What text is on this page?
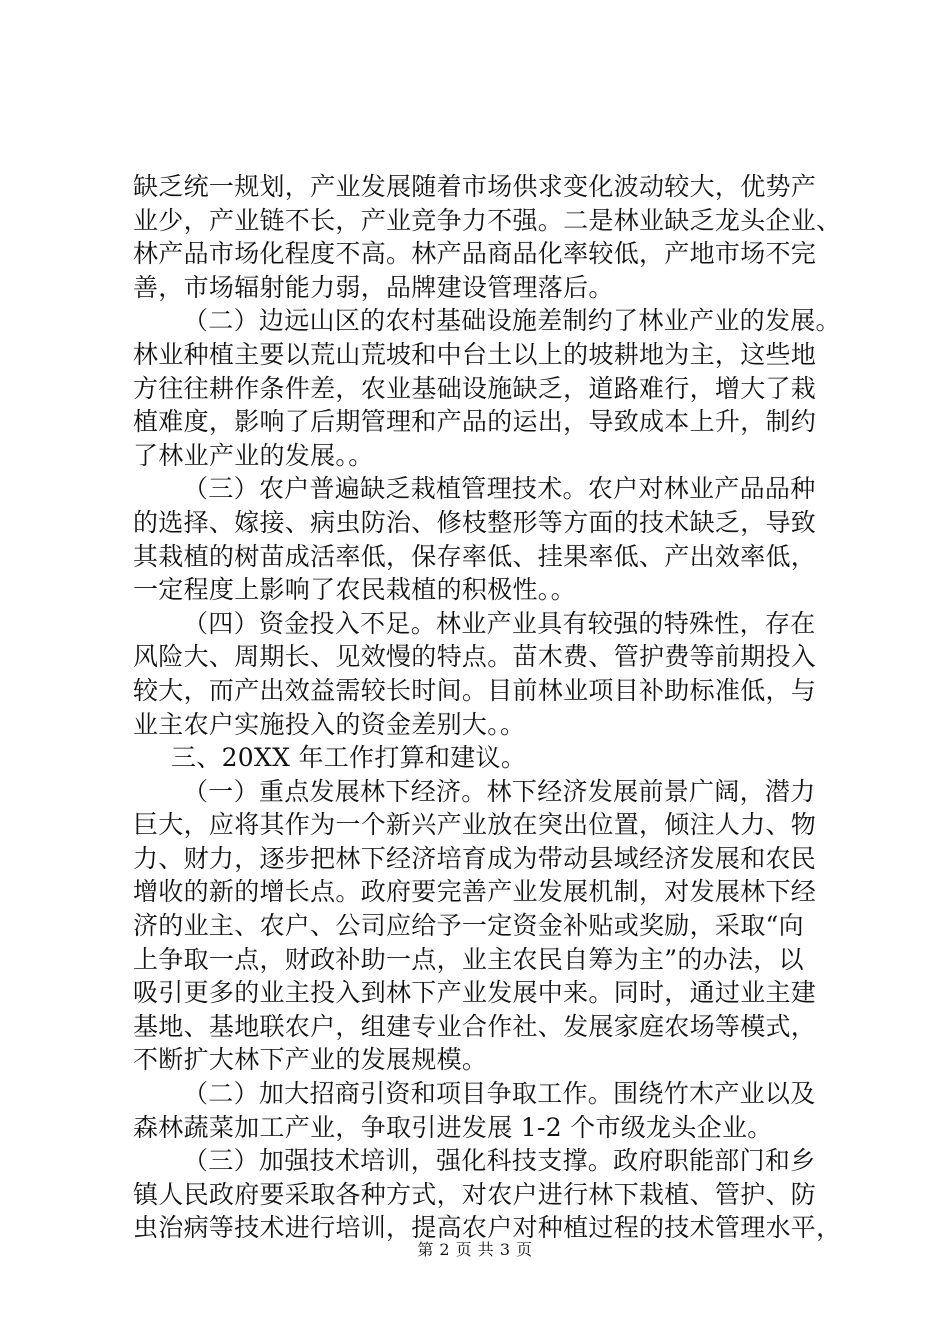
缺乏统一规划，产业发展随着市场供求变化波动较大，优势产
业少，产业链不长，产业竞争力不强。二是林业缺乏龙头企业、
林产品市场化程度不高。林产品商品化率较低，产地市场不完
善，市场辐射能力弱，品牌建设管理落后。
（二）边远山区的农村基础设施差制约了林业产业的发展。
林业种植主要以荒山荒坡和中台土以上的坡耕地为主，这些地
方往往耕作条件差，农业基础设施缺乏，道路难行，增大了栽
植难度，影响了后期管理和产品的运出，导致成本上升，制约
了林业产业的发展。。
（三）农户普遍缺乏栽植管理技术。农户对林业产品品种
的选择、嫁接、病虫防治、修枝整形等方面的技术缺乏，导致
其栽植的树苗成活率低，保存率低、挂果率低、产出效率低，
一定程度上影响了农民栽植的积极性。。
（四）资金投入不足。林业产业具有较强的特殊性，存在
风险大、周期长、见效慢的特点。苗木费、管护费等前期投入
较大，而产出效益需较长时间。目前林业项目补助标准低，与
业主农户实施投入的资金差别大。。
三、20XX 年工作打算和建议。
（一）重点发展林下经济。林下经济发展前景广阔，潜力
巨大，应将其作为一个新兴产业放在突出位置，倾注人力、物
力、财力，逐步把林下经济培育成为带动县域经济发展和农民
增收的新的增长点。政府要完善产业发展机制，对发展林下经
济的业主、农户、公司应给予一定资金补贴或奖励，采取“向
上争取一点，财政补助一点，业主农民自筹为主”的办法，以
吸引更多的业主投入到林下产业发展中来。同时，通过业主建
基地、基地联农户，组建专业合作社、发展家庭农场等模式，
不断扩大林下产业的发展规模。
（二）加大招商引资和项目争取工作。围绕竹木产业以及
森林蔬菜加工产业，争取引进发展 1-2 个市级龙头企业。
（三）加强技术培训，强化科技支撑。政府职能部门和乡
镇人民政府要采取各种方式，对农户进行林下栽植、管护、防
虫治病等技术进行培训，提高农户对种植过程的技术管理水平，
第 2 页 共 3 页
